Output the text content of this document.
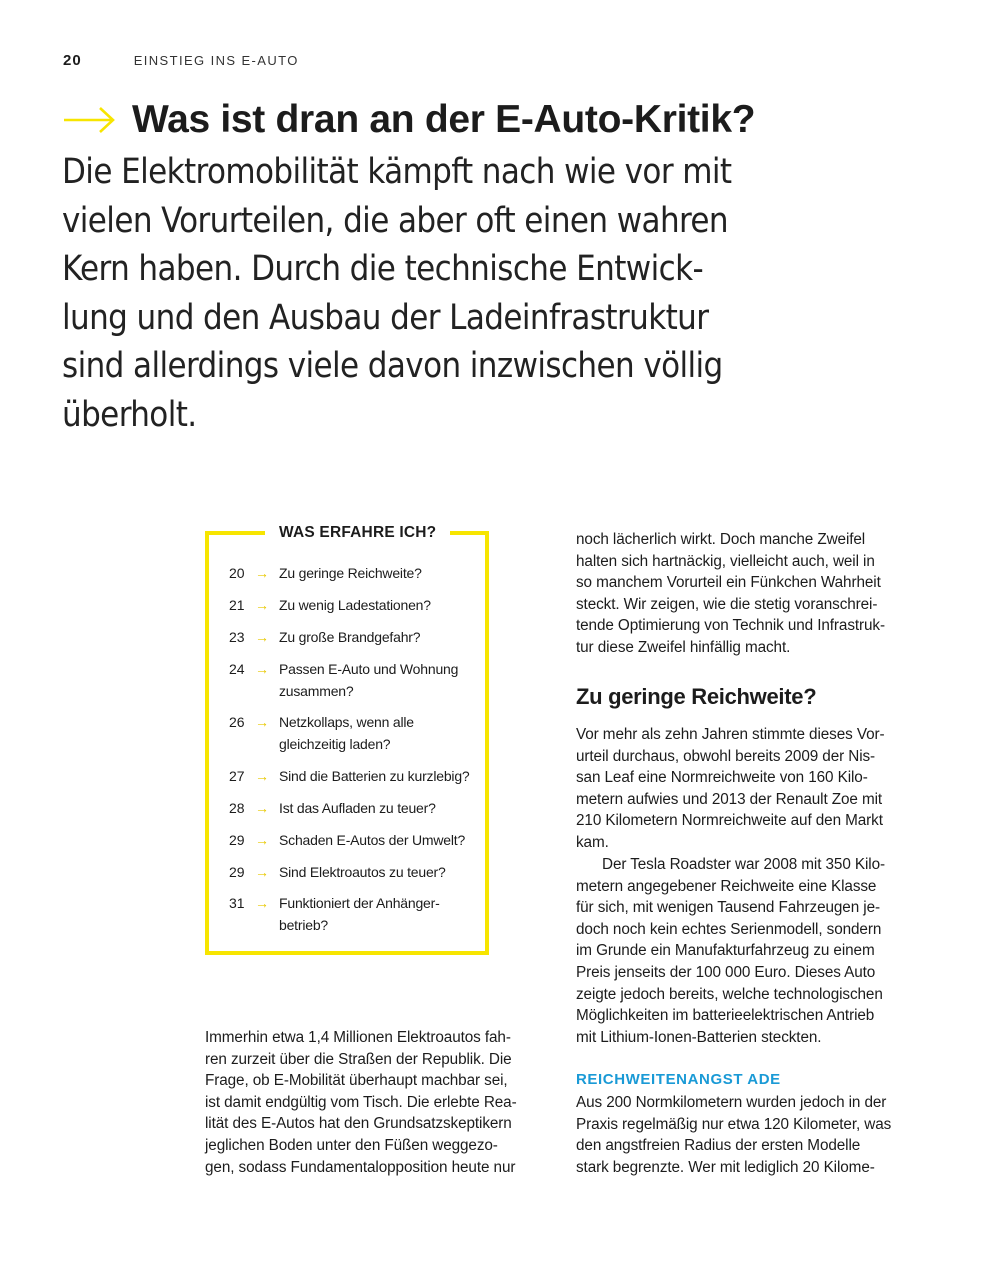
20	EINSTIEG INS E-AUTO
Was ist dran an der E-Auto-Kritik?

Die Elektromobilität kämpft nach wie vor mit
vielen Vorurteilen, die aber oft einen wahren
Kern haben. Durch die technische Entwick-
lung und den Ausbau der Ladeinfrastruktur
sind allerdings viele davon inzwischen völlig
überholt.

WAS ERFAHRE ICH?
20 → Zu geringe Reichweite?
21 → Zu wenig Ladestationen?
23 → Zu große Brandgefahr?
24 → Passen E-Auto und Wohnung
zusammen?
26 → Netzkollaps, wenn alle
gleichzeitig laden?
27 → Sind die Batterien zu kurzlebig?
28 → Ist das Aufladen zu teuer?
29 → Schaden E-Autos der Umwelt?
29 → Sind Elektroautos zu teuer?
31 → Funktioniert der Anhänger-
betrieb?

Immerhin etwa 1,4 Millionen Elektroautos fah-
ren zurzeit über die Straßen der Republik. Die
Frage, ob E-Mobilität überhaupt machbar sei,
ist damit endgültig vom Tisch. Die erlebte Rea-
lität des E-Autos hat den Grundsatzskeptikern
jeglichen Boden unter den Füßen weggezo-
gen, sodass Fundamentalopposition heute nur

noch lächerlich wirkt. Doch manche Zweifel
halten sich hartnäckig, vielleicht auch, weil in
so manchem Vorurteil ein Fünkchen Wahrheit
steckt. Wir zeigen, wie die stetig voranschrei-
tende Optimierung von Technik und Infrastruk-
tur diese Zweifel hinfällig macht.

Zu geringe Reichweite?

Vor mehr als zehn Jahren stimmte dieses Vor-
urteil durchaus, obwohl bereits 2009 der Nis-
san Leaf eine Normreichweite von 160 Kilo-
metern aufwies und 2013 der Renault Zoe mit
210 Kilometern Normreichweite auf den Markt
kam.

Der Tesla Roadster war 2008 mit 350 Kilo-
metern angegebener Reichweite eine Klasse
für sich, mit wenigen Tausend Fahrzeugen je-
doch noch kein echtes Serienmodell, sondern
im Grunde ein Manufakturfahrzeug zu einem
Preis jenseits der 100 000 Euro. Dieses Auto
zeigte jedoch bereits, welche technologischen
Möglichkeiten im batterieelektrischen Antrieb
mit Lithium-Ionen-Batterien steckten.

REICHWEITENANGST ADE

Aus 200 Normkilometern wurden jedoch in der
Praxis regelmäßig nur etwa 120 Kilometer, was
den angstfreien Radius der ersten Modelle
stark begrenzte. Wer mit lediglich 20 Kilome-
